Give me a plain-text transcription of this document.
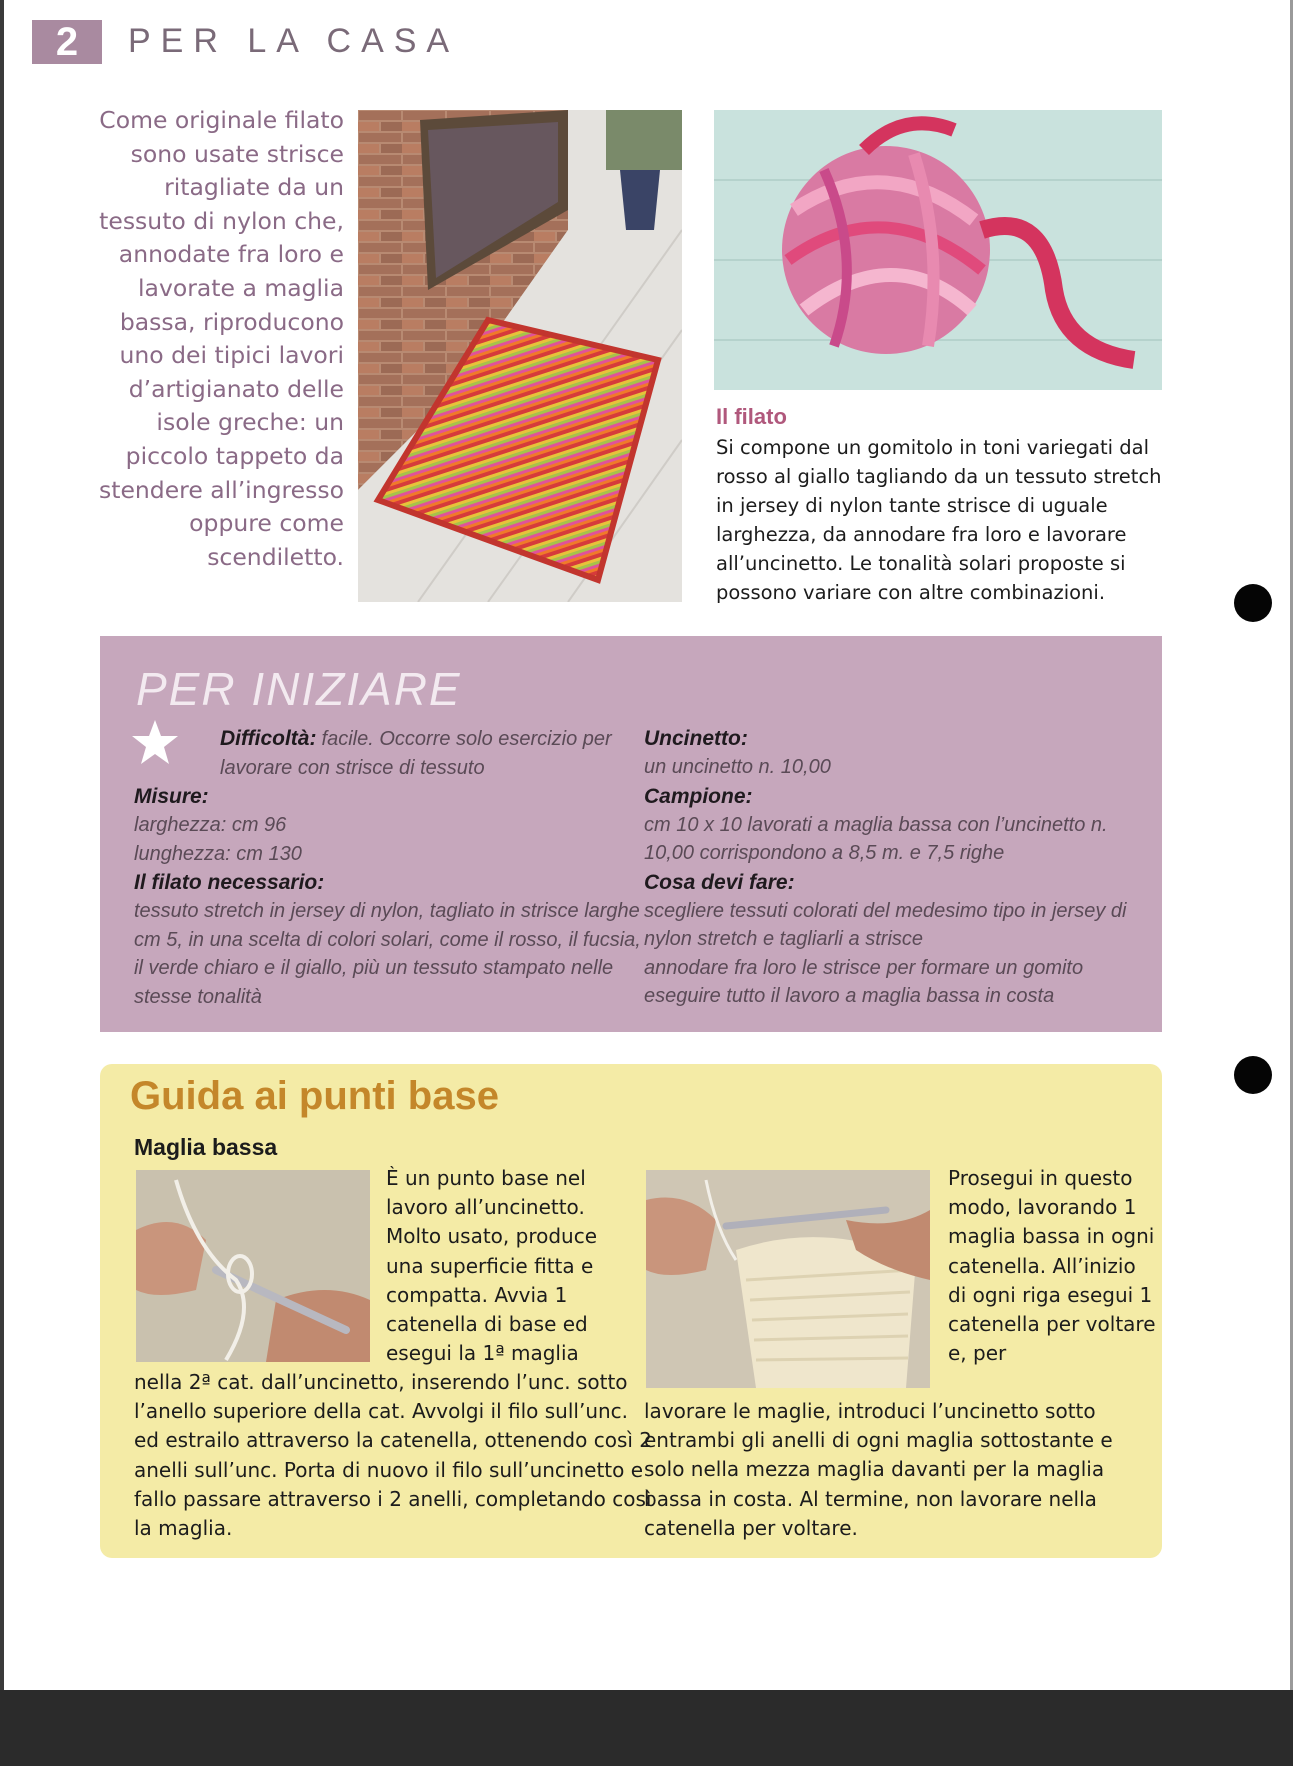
2	PER LA CASA
Come originale filato sono usate strisce ritagliate da un tessuto di nylon che, annodate fra loro e lavorate a maglia bassa, riproducono uno dei tipici lavori d’artigianato delle isole greche: un piccolo tappeto da stendere all’ingresso oppure come scendiletto.
Il filato
Si compone un gomitolo in toni variegati dal rosso al giallo tagliando da un tessuto stretch in jersey di nylon tante strisce di uguale larghezza, da annodare fra loro e lavorare all’uncinetto. Le tonalità solari proposte si possono variare con altre combinazioni.
PER INIZIARE
Difficoltà: facile. Occorre solo esercizio per lavorare con strisce di tessuto
Misure:
larghezza: cm 96
lunghezza: cm 130
Il filato necessario:
tessuto stretch in jersey di nylon, tagliato in strisce larghe cm 5, in una scelta di colori solari, come il rosso, il fucsia, il verde chiaro e il giallo, più un tessuto stampato nelle stesse tonalità
Uncinetto:
un uncinetto n. 10,00
Campione:
cm 10 x 10 lavorati a maglia bassa con l’uncinetto n. 10,00 corrispondono a 8,5 m. e 7,5 righe
Cosa devi fare:
scegliere tessuti colorati del medesimo tipo in jersey di nylon stretch e tagliarli a strisce
annodare fra loro le strisce per formare un gomito
eseguire tutto il lavoro a maglia bassa in costa
Guida ai punti base
Maglia bassa
È un punto base nel lavoro all’uncinetto. Molto usato, produce una superficie fitta e compatta. Avvia 1 catenella di base ed esegui la 1ª maglia
nella 2ª cat. dall’uncinetto, inserendo l’unc. sotto l’anello superiore della cat. Avvolgi il filo sull’unc. ed estrailo attraverso la catenella, ottenendo così 2 anelli sull’unc. Porta di nuovo il filo sull’uncinetto e fallo passare attraverso i 2 anelli, completando così la maglia.
Prosegui in questo modo, lavorando 1 maglia bassa in ogni catenella. All’inizio di ogni riga esegui 1 catenella per voltare e, per
lavorare le maglie, introduci l’uncinetto sotto entrambi gli anelli di ogni maglia sottostante e solo nella mezza maglia davanti per la maglia bassa in costa. Al termine, non lavorare nella catenella per voltare.
